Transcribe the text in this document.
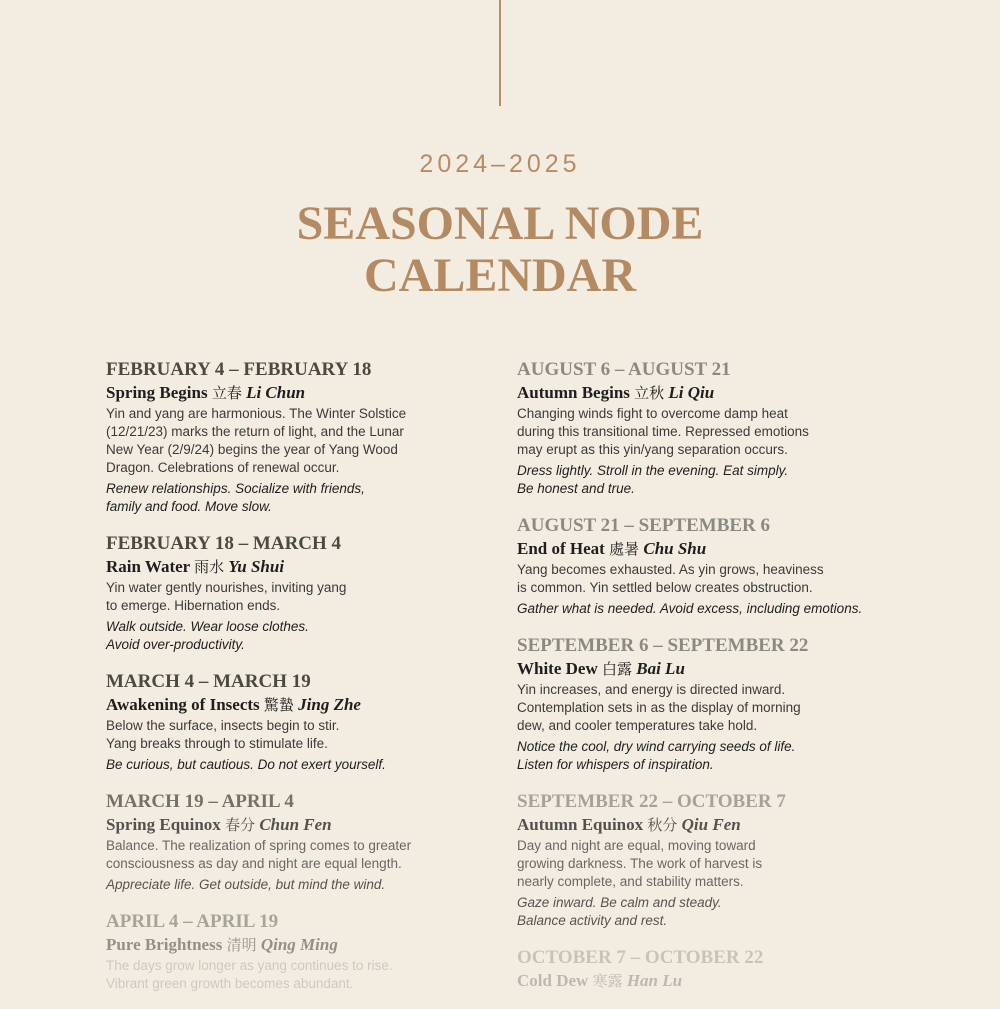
2024–2025
SEASONAL NODE
CALENDAR
FEBRUARY 4 – FEBRUARY 18
Spring Begins 立春 Li Chun
Yin and yang are harmonious. The Winter Solstice
(12/21/23) marks the return of light, and the Lunar
New Year (2/9/24) begins the year of Yang Wood
Dragon. Celebrations of renewal occur.
Renew relationships. Socialize with friends,
family and food. Move slow.
FEBRUARY 18 – MARCH 4
Rain Water 雨水 Yu Shui
Yin water gently nourishes, inviting yang
to emerge. Hibernation ends.
Walk outside. Wear loose clothes.
Avoid over-productivity.
MARCH 4 – MARCH 19
Awakening of Insects 驚蟄 Jing Zhe
Below the surface, insects begin to stir.
Yang breaks through to stimulate life.
Be curious, but cautious. Do not exert yourself.
MARCH 19 – APRIL 4
Spring Equinox 春分 Chun Fen
Balance. The realization of spring comes to greater
consciousness as day and night are equal length.
Appreciate life. Get outside, but mind the wind.
APRIL 4 – APRIL 19
Pure Brightness 清明 Qing Ming
The days grow longer as yang continues to rise.
Vibrant green growth becomes abundant.
AUGUST 6 – AUGUST 21
Autumn Begins 立秋 Li Qiu
Changing winds fight to overcome damp heat
during this transitional time. Repressed emotions
may erupt as this yin/yang separation occurs.
Dress lightly. Stroll in the evening. Eat simply.
Be honest and true.
AUGUST 21 – SEPTEMBER 6
End of Heat 處暑 Chu Shu
Yang becomes exhausted. As yin grows, heaviness
is common. Yin settled below creates obstruction.
Gather what is needed. Avoid excess, including emotions.
SEPTEMBER 6 – SEPTEMBER 22
White Dew 白露 Bai Lu
Yin increases, and energy is directed inward.
Contemplation sets in as the display of morning
dew, and cooler temperatures take hold.
Notice the cool, dry wind carrying seeds of life.
Listen for whispers of inspiration.
SEPTEMBER 22 – OCTOBER 7
Autumn Equinox 秋分 Qiu Fen
Day and night are equal, moving toward
growing darkness. The work of harvest is
nearly complete, and stability matters.
Gaze inward. Be calm and steady.
Balance activity and rest.
OCTOBER 7 – OCTOBER 22
Cold Dew 寒露 Han Lu
